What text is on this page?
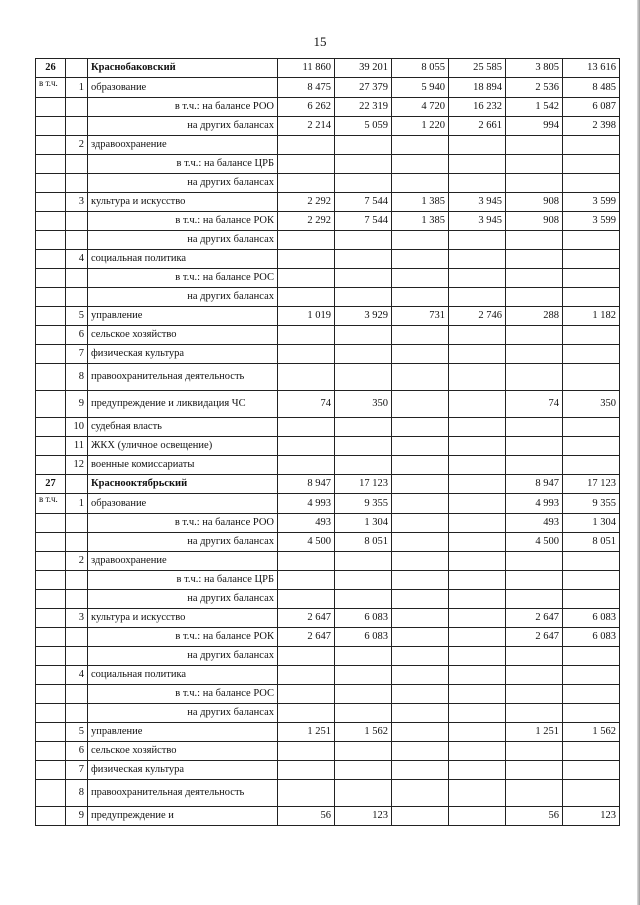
15
26		Краснобаковский	11 860	39 201	8 055	25 585	3 805	13 616
в т.ч.	1	образование	8 475	27 379	5 940	18 894	2 536	8 485
		в т.ч.: на балансе РОО	6 262	22 319	4 720	16 232	1 542	6 087
		на других балансах	2 214	5 059	1 220	2 661	994	2 398
	2	здравоохранение						
		в т.ч.: на балансе ЦРБ						
		на других балансах						
	3	культура и искусство	2 292	7 544	1 385	3 945	908	3 599
		в т.ч.: на балансе РОК	2 292	7 544	1 385	3 945	908	3 599
		на других балансах						
	4	социальная политика						
		в т.ч.: на балансе РОС						
		на других балансах						
	5	управление	1 019	3 929	731	2 746	288	1 182
	6	сельское хозяйство						
	7	физическая культура						
	8	правоохранительная деятельность						
	9	предупреждение и ликвидация ЧС	74	350			74	350
	10	судебная власть						
	11	ЖКХ (уличное освещение)						
	12	военные комиссариаты						
27		Краснооктябрьский	8 947	17 123			8 947	17 123
в т.ч.	1	образование	4 993	9 355			4 993	9 355
		в т.ч.: на балансе РОО	493	1 304			493	1 304
		на других балансах	4 500	8 051			4 500	8 051
	2	здравоохранение						
		в т.ч.: на балансе ЦРБ						
		на других балансах						
	3	культура и искусство	2 647	6 083			2 647	6 083
		в т.ч.: на балансе РОК	2 647	6 083			2 647	6 083
		на других балансах						
	4	социальная политика						
		в т.ч.: на балансе РОС						
		на других балансах						
	5	управление	1 251	1 562			1 251	1 562
	6	сельское хозяйство						
	7	физическая культура						
	8	правоохранительная деятельность						
	9	предупреждение и	56	123			56	123
